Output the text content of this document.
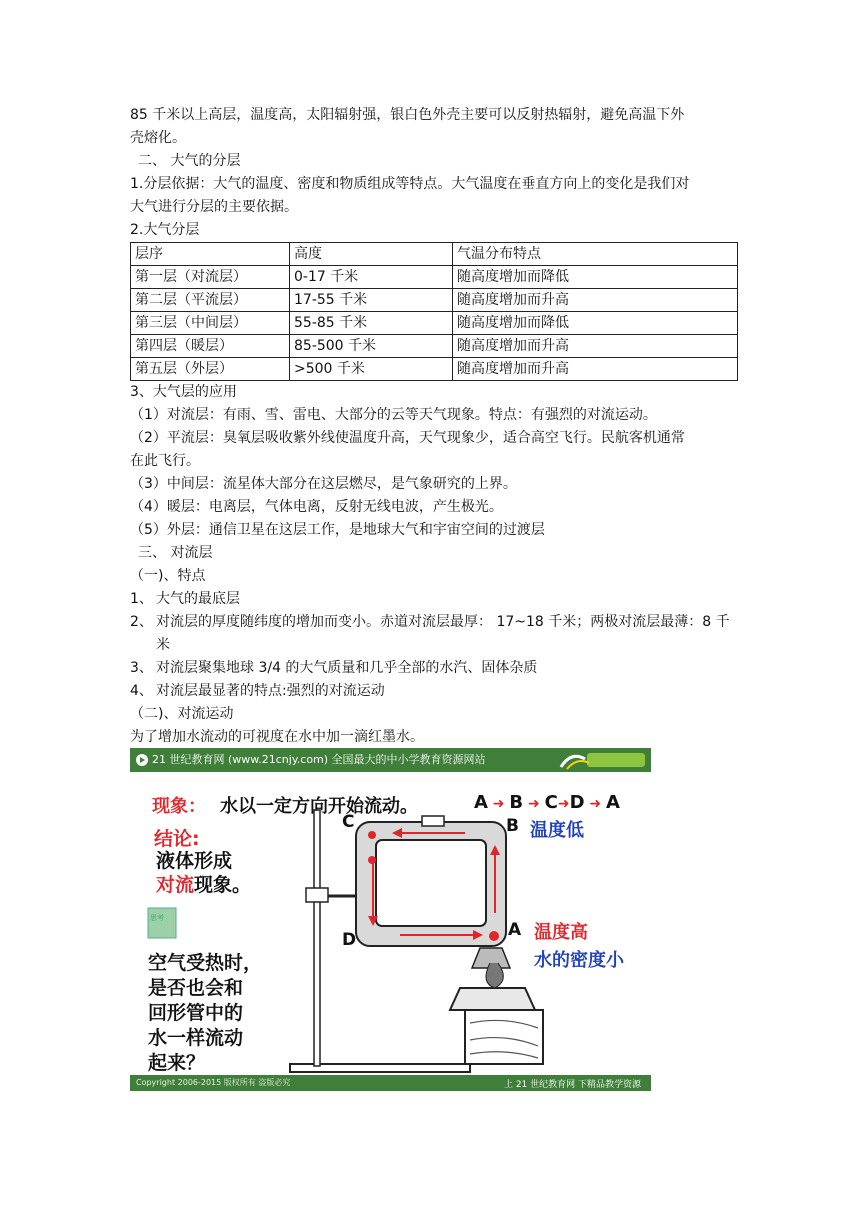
85 千米以上高层，温度高，太阳辐射强，银白色外壳主要可以反射热辐射，避免高温下外

壳熔化。

二、 大气的分层

1.分层依据：大气的温度、密度和物质组成等特点。大气温度在垂直方向上的变化是我们对

大气进行分层的主要依据。

2.大气分层

层序	高度	气温分布特点
第一层（对流层）	0-17 千米	随高度增加而降低
第二层（平流层）	17-55 千米	随高度增加而升高
第三层（中间层）	55-85 千米	随高度增加而降低
第四层（暖层）	85-500 千米	随高度增加而升高
第五层（外层）	>500 千米	随高度增加而升高

3、大气层的应用

（1）对流层：有雨、雪、雷电、大部分的云等天气现象。特点：有强烈的对流运动。

（2）平流层：臭氧层吸收紫外线使温度升高，天气现象少，适合高空飞行。民航客机通常

在此飞行。

（3）中间层：流星体大部分在这层燃尽，是气象研究的上界。

（4）暖层：电离层，气体电离，反射无线电波，产生极光。

（5）外层：通信卫星在这层工作，是地球大气和宇宙空间的过渡层

三、 对流层

（一)、特点

1、 大气的最底层
2、 对流层的厚度随纬度的增加而变小。赤道对流层最厚： 17~18 千米；两极对流层最薄：8 千米
3、 对流层聚集地球 3/4 的大气质量和几乎全部的水汽、固体杂质
4、 对流层最显著的特点:强烈的对流运动

（二)、对流运动

为了增加水流动的可视度在水中加一滴红墨水。

21 世纪教育网 (www.21cnjy.com) 全国最大的中小学教育资源网站
思考
现象： 水以一定方向开始流动。	A ➜ B ➜ C➜D ➜ A
结论:
液体形成
对流现象。
空气受热时，
是否也会和
回形管中的
水一样流动
起来？
C	B 温度低
D	A 温度高
水的密度小
Copyright 2006-2015 版权所有 盗版必究	上 21 世纪教育网 下精品教学资源
